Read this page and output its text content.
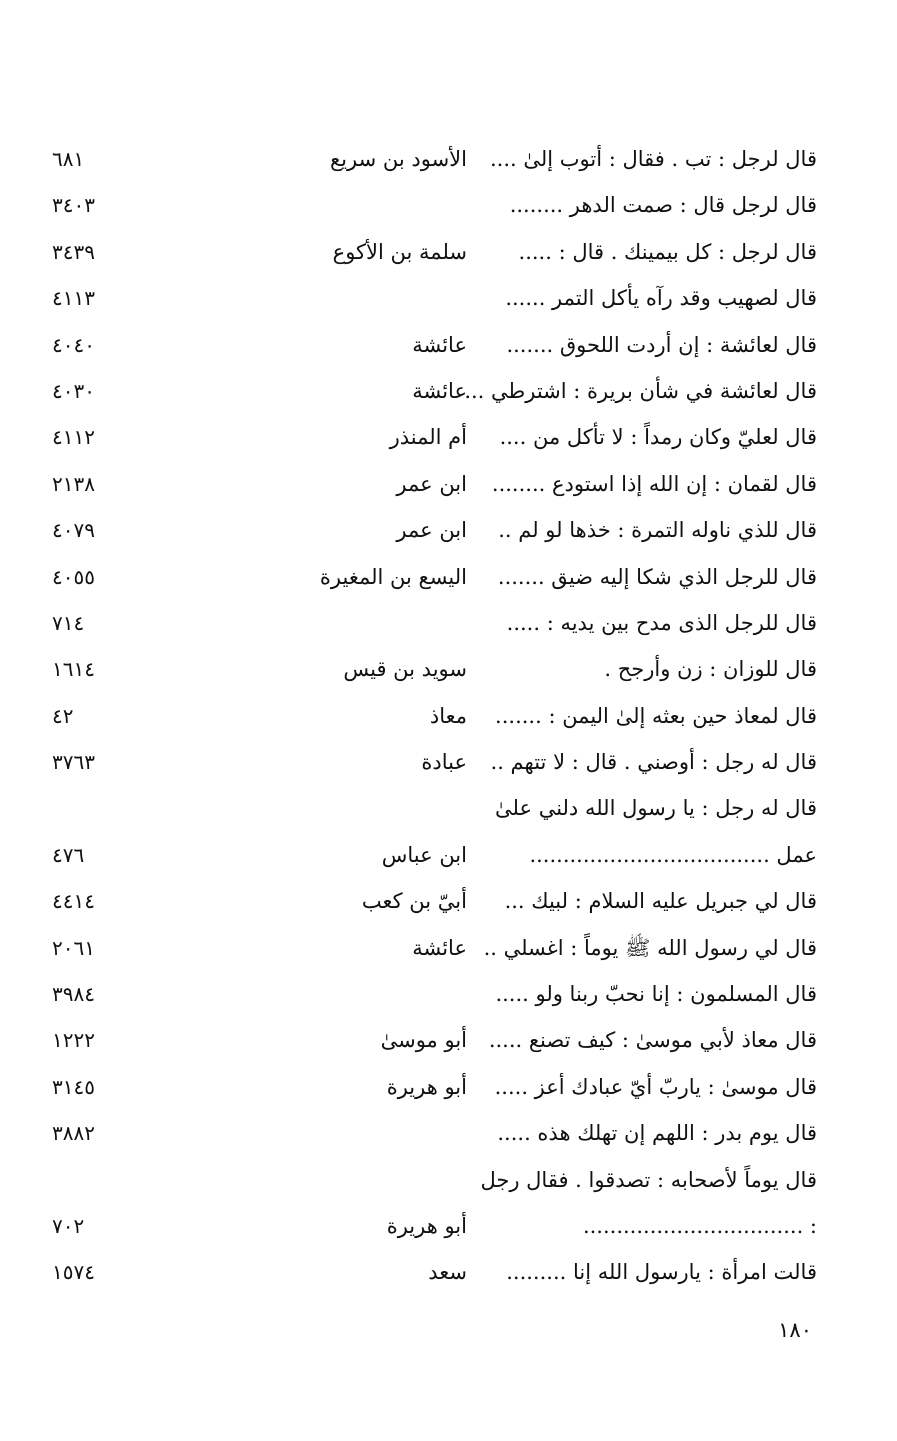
قال لرجل : تب . فقال : أتوب إلىٰ ....
الأسود بن سريع
٦٨١
قال لرجل قال : صمت الدهر ........
٣٤٠٣
قال لرجل : كل بيمينك . قال : .....
سلمة بن الأكوع
٣٤٣٩
قال لصهيب وقد رآه يأكل التمر ......
٤١١٣
قال لعائشة : إن أردت اللحوق .......
عائشة
٤٠٤٠
قال لعائشة في شأن بريرة : اشترطي ...
عائشة
٤٠٣٠
قال لعليّ وكان رمداً : لا تأكل من ....
أم المنذر
٤١١٢
قال لقمان : إن الله إذا استودع ........
ابن عمر
٢١٣٨
قال للذي ناوله التمرة : خذها لو لم ..
ابن عمر
٤٠٧٩
قال للرجل الذي شكا إليه ضيق .......
اليسع بن المغيرة
٤٠٥٥
قال للرجل الذى مدح بين يديه : .....
٧١٤
قال للوزان : زن وأرجح .
سويد بن قيس
١٦١٤
قال لمعاذ حين بعثه إلىٰ اليمن : .......
معاذ
٤٢
قال له رجل : أوصني . قال : لا تتهم ..
عبادة
٣٧٦٣
قال له رجل : يا رسول الله دلني علىٰ عمل ....................................
ابن عباس
٤٧٦
قال لي جبريل عليه السلام : لبيك ...
أبيّ بن كعب
٤٤١٤
قال لي رسول الله ﷺ يوماً : اغسلي ..
عائشة
٢٠٦١
قال المسلمون : إنا نحبّ ربنا ولو .....
٣٩٨٤
قال معاذ لأبي موسىٰ : كيف تصنع .....
أبو موسىٰ
١٢٢٢
قال موسىٰ : ياربّ أيّ عبادك أعز .....
أبو هريرة
٣١٤٥
قال يوم بدر : اللهم إن تهلك هذه .....
٣٨٨٢
قال يوماً لأصحابه : تصدقوا . فقال رجل : .................................
أبو هريرة
٧٠٢
قالت امرأة : يارسول الله إنا .........
سعد
١٥٧٤
١٨٠
